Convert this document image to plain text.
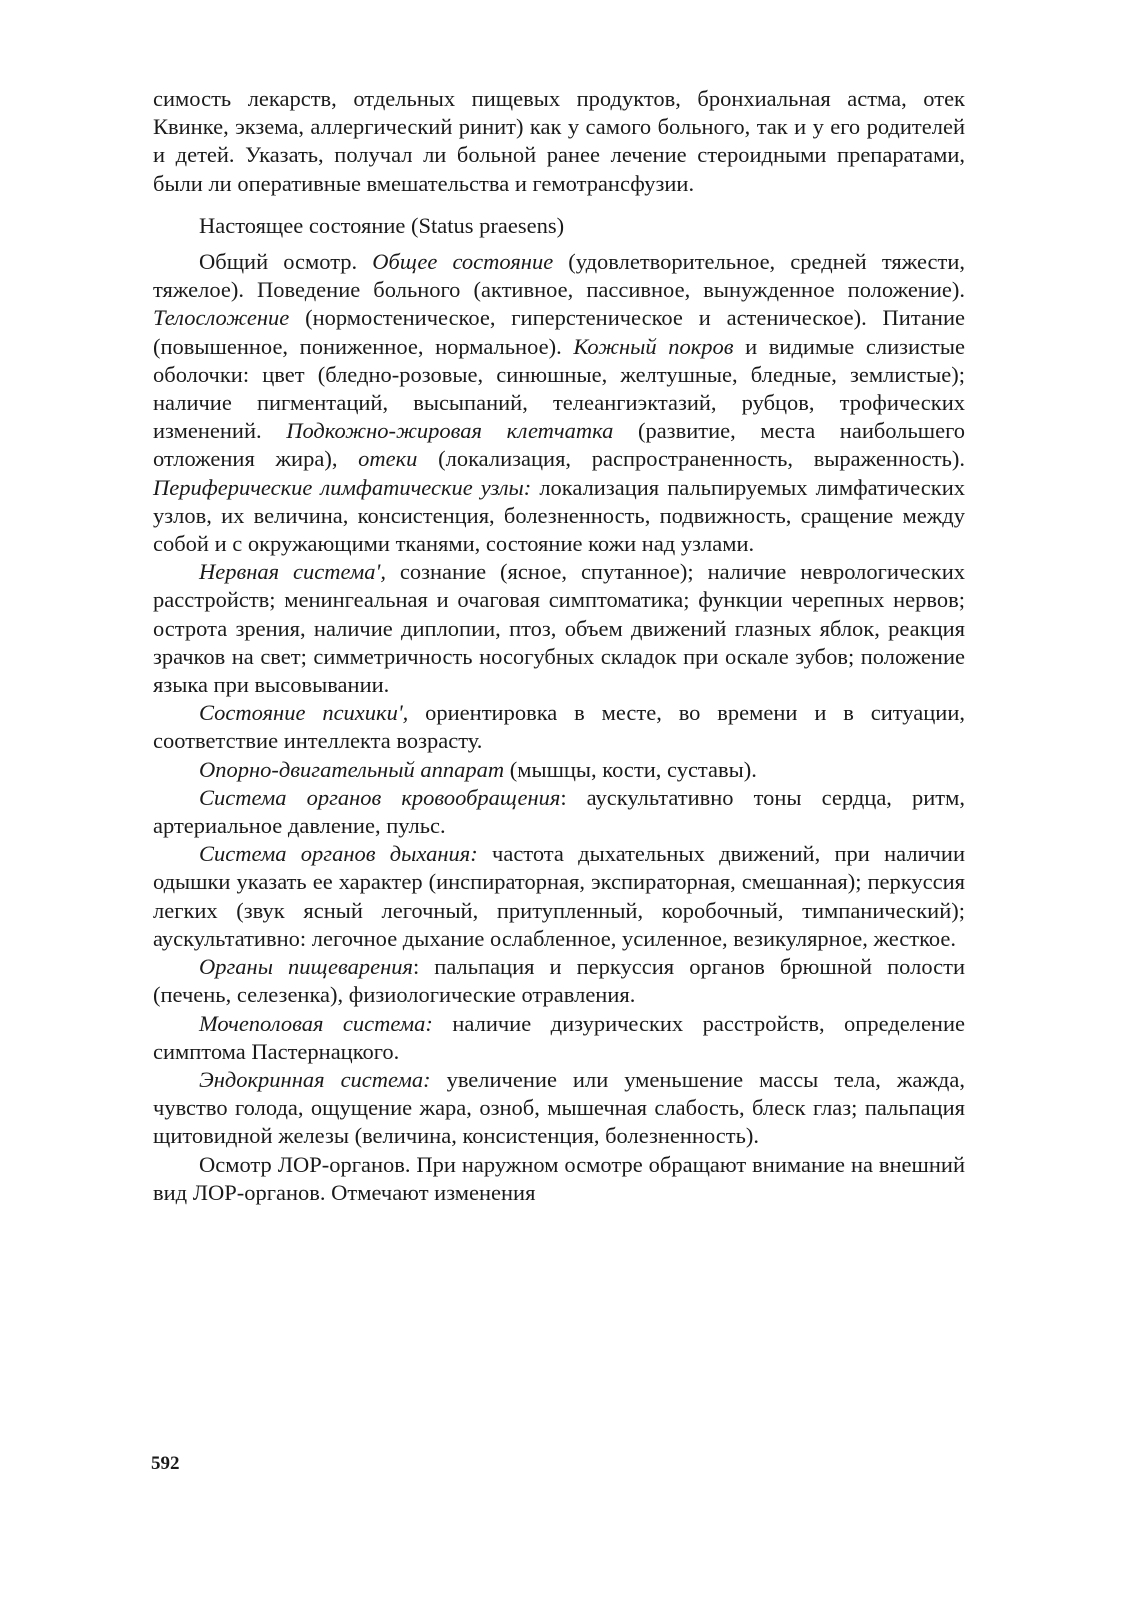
симость лекарств, отдельных пищевых продуктов, бронхиальная астма, отек Квинке, экзема, аллергический ринит) как у самого больного, так и у его родителей и детей. Указать, получал ли больной ранее лечение стероидными препаратами, были ли оперативные вмешательства и гемотрансфузии.

Настоящее состояние (Status praesens)

Общий осмотр. Общее состояние (удовлетворительное, средней тяжести, тяжелое). Поведение больного (активное, пассивное, вынужденное положение). Телосложение (нормостеническое, гиперстеническое и астеническое). Питание (повышенное, пониженное, нормальное). Кожный покров и видимые слизистые оболочки: цвет (бледно-розовые, синюшные, желтушные, бледные, землистые); наличие пигментаций, высыпаний, телеангиэктазий, рубцов, трофических изменений. Подкожно-жировая клетчатка (развитие, места наибольшего отложения жира), отеки (локализация, распространенность, выраженность). Периферические лимфатические узлы: локализация пальпируемых лимфатических узлов, их величина, консистенция, болезненность, подвижность, сращение между собой и с окружающими тканями, состояние кожи над узлами.

Нервная система', сознание (ясное, спутанное); наличие неврологических расстройств; менингеальная и очаговая симптоматика; функции черепных нервов; острота зрения, наличие диплопии, птоз, объем движений глазных яблок, реакция зрачков на свет; симметричность носогубных складок при оскале зубов; положение языка при высовывании.

Состояние психики', ориентировка в месте, во времени и в ситуации, соответствие интеллекта возрасту.

Опорно-двигательный аппарат (мышцы, кости, суставы).

Система органов кровообращения: аускультативно тоны сердца, ритм, артериальное давление, пульс.

Система органов дыхания: частота дыхательных движений, при наличии одышки указать ее характер (инспираторная, экспираторная, смешанная); перкуссия легких (звук ясный легочный, притупленный, коробочный, тимпанический); аускультативно: легочное дыхание ослабленное, усиленное, везикулярное, жесткое.

Органы пищеварения: пальпация и перкуссия органов брюшной полости (печень, селезенка), физиологические отравления.

Мочеполовая система: наличие дизурических расстройств, определение симптома Пастернацкого.

Эндокринная система: увеличение или уменьшение массы тела, жажда, чувство голода, ощущение жара, озноб, мышечная слабость, блеск глаз; пальпация щитовидной железы (величина, консистенция, болезненность).

Осмотр ЛОР-органов. При наружном осмотре обращают внимание на внешний вид ЛОР-органов. Отмечают изменения

592
